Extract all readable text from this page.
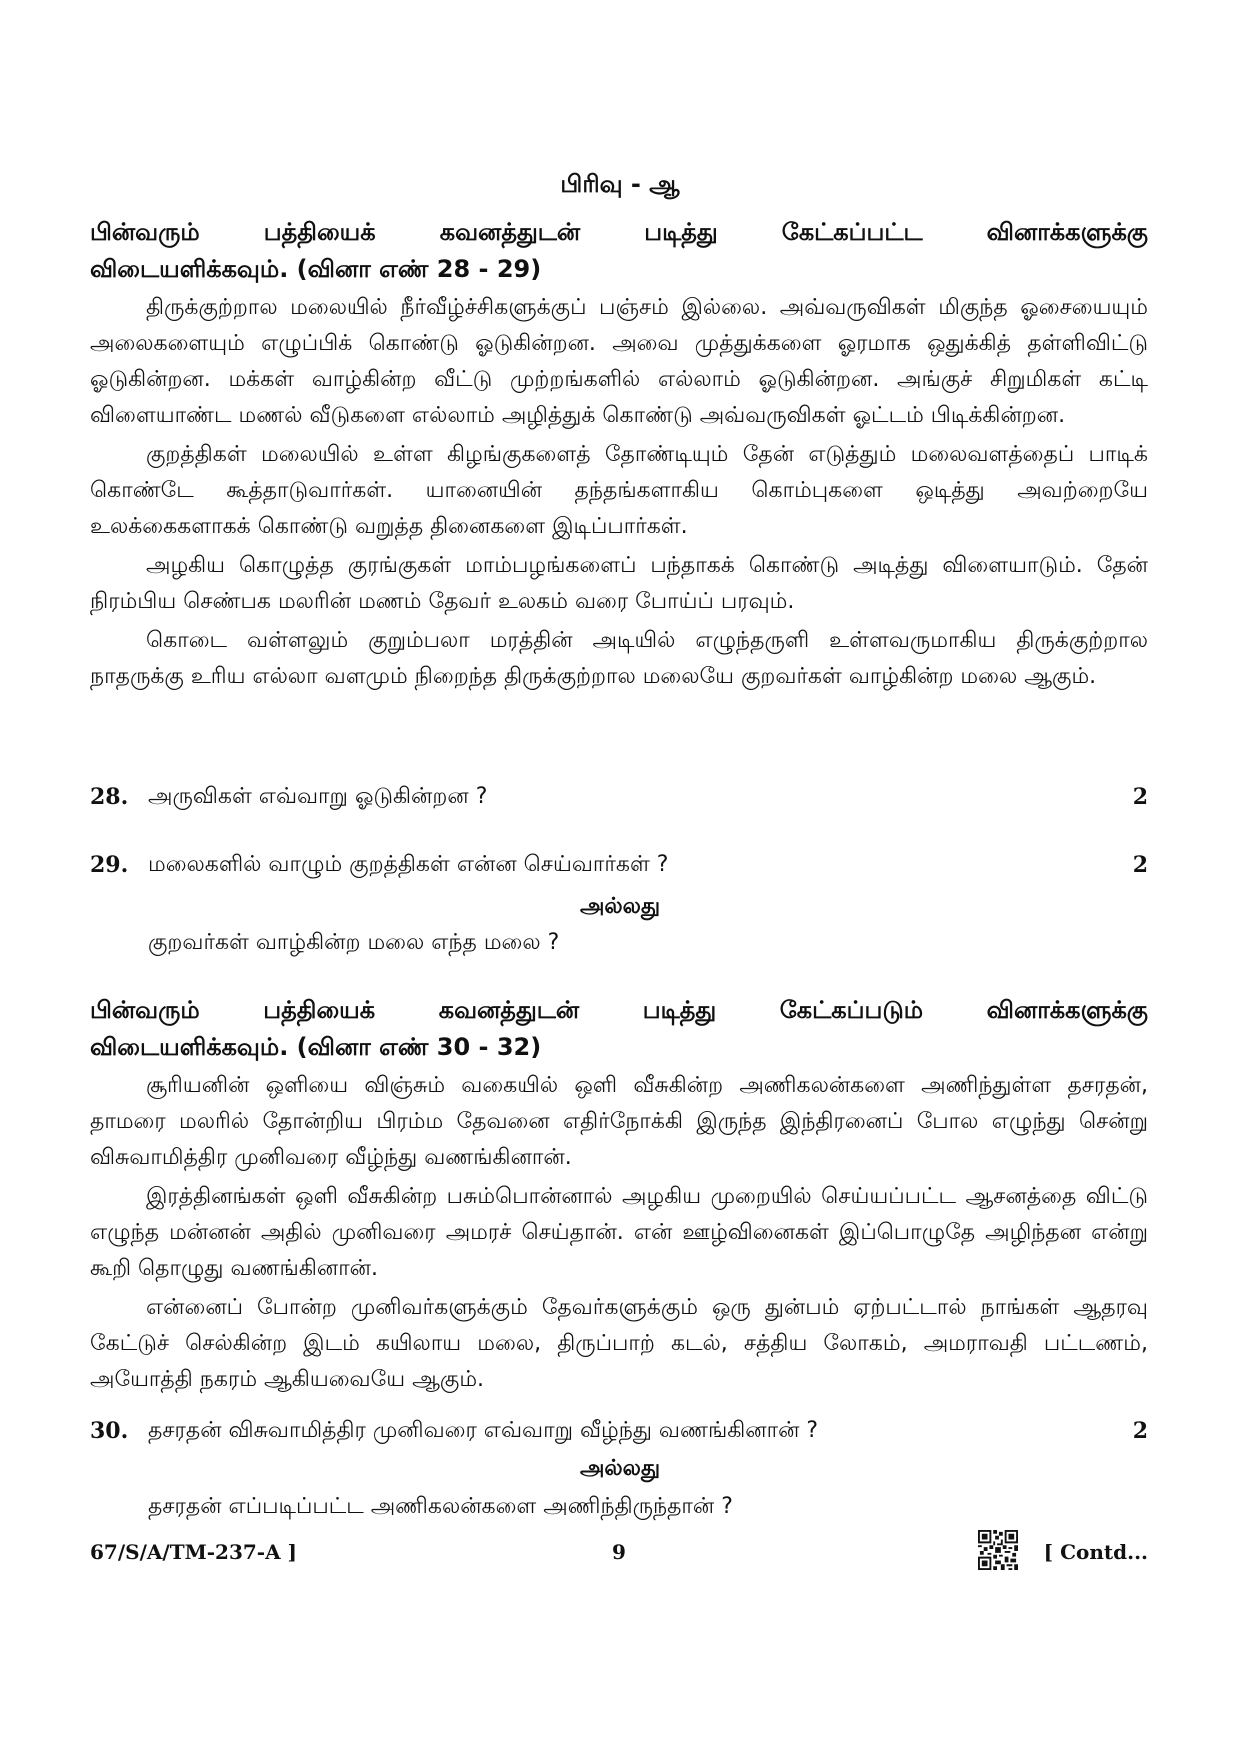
பிரிவு - ஆ
பின்வரும் பத்தியைக் கவனத்துடன் படித்து கேட்கப்பட்ட வினாக்களுக்கு
விடையளிக்கவும். (வினா எண் 28 - 29)

திருக்குற்றால மலையில் நீர்வீழ்ச்சிகளுக்குப் பஞ்சம் இல்லை. அவ்வருவிகள் மிகுந்த ஓசையையும் அலைகளையும் எழுப்பிக் கொண்டு ஓடுகின்றன. அவை முத்துக்களை ஓரமாக ஒதுக்கித் தள்ளிவிட்டு ஓடுகின்றன. மக்கள் வாழ்கின்ற வீட்டு முற்றங்களில் எல்லாம் ஓடுகின்றன. அங்குச் சிறுமிகள் கட்டி விளையாண்ட மணல் வீடுகளை எல்லாம் அழித்துக் கொண்டு அவ்வருவிகள் ஓட்டம் பிடிக்கின்றன.

குறத்திகள் மலையில் உள்ள கிழங்குகளைத் தோண்டியும் தேன் எடுத்தும் மலைவளத்தைப் பாடிக் கொண்டே கூத்தாடுவார்கள். யானையின் தந்தங்களாகிய கொம்புகளை ஒடித்து அவற்றையே உலக்கைகளாகக் கொண்டு வறுத்த தினைகளை இடிப்பார்கள்.

அழகிய கொழுத்த குரங்குகள் மாம்பழங்களைப் பந்தாகக் கொண்டு அடித்து விளையாடும். தேன் நிரம்பிய செண்பக மலரின் மணம் தேவர் உலகம் வரை போய்ப் பரவும்.

கொடை வள்ளலும் குறும்பலா மரத்தின் அடியில் எழுந்தருளி உள்ளவருமாகிய திருக்குற்றால நாதருக்கு உரிய எல்லா வளமும் நிறைந்த திருக்குற்றால மலையே குறவர்கள் வாழ்கின்ற மலை ஆகும்.

28. அருவிகள் எவ்வாறு ஓடுகின்றன ?	2
29. மலைகளில் வாழும் குறத்திகள் என்ன செய்வார்கள் ?	2
அல்லது
குறவர்கள் வாழ்கின்ற மலை எந்த மலை ?
பின்வரும் பத்தியைக் கவனத்துடன் படித்து கேட்கப்படும் வினாக்களுக்கு
விடையளிக்கவும். (வினா எண் 30 - 32)

சூரியனின் ஒளியை விஞ்சும் வகையில் ஒளி வீசுகின்ற அணிகலன்களை அணிந்துள்ள தசரதன், தாமரை மலரில் தோன்றிய பிரம்ம தேவனை எதிர்நோக்கி இருந்த இந்திரனைப் போல எழுந்து சென்று விசுவாமித்திர முனிவரை வீழ்ந்து வணங்கினான்.

இரத்தினங்கள் ஒளி வீசுகின்ற பசும்பொன்னால் அழகிய முறையில் செய்யப்பட்ட ஆசனத்தை விட்டு எழுந்த மன்னன் அதில் முனிவரை அமரச் செய்தான். என் ஊழ்வினைகள் இப்பொழுதே அழிந்தன என்று கூறி தொழுது வணங்கினான்.

என்னைப் போன்ற முனிவர்களுக்கும் தேவர்களுக்கும் ஒரு துன்பம் ஏற்பட்டால் நாங்கள் ஆதரவு கேட்டுச் செல்கின்ற இடம் கயிலாய மலை, திருப்பாற் கடல், சத்திய லோகம், அமராவதி பட்டணம், அயோத்தி நகரம் ஆகியவையே ஆகும்.

30. தசரதன் விசுவாமித்திர முனிவரை எவ்வாறு வீழ்ந்து வணங்கினான் ?	2
அல்லது
தசரதன் எப்படிப்பட்ட அணிகலன்களை அணிந்திருந்தான் ?
67/S/A/TM-237-A ]	9	[ Contd...
